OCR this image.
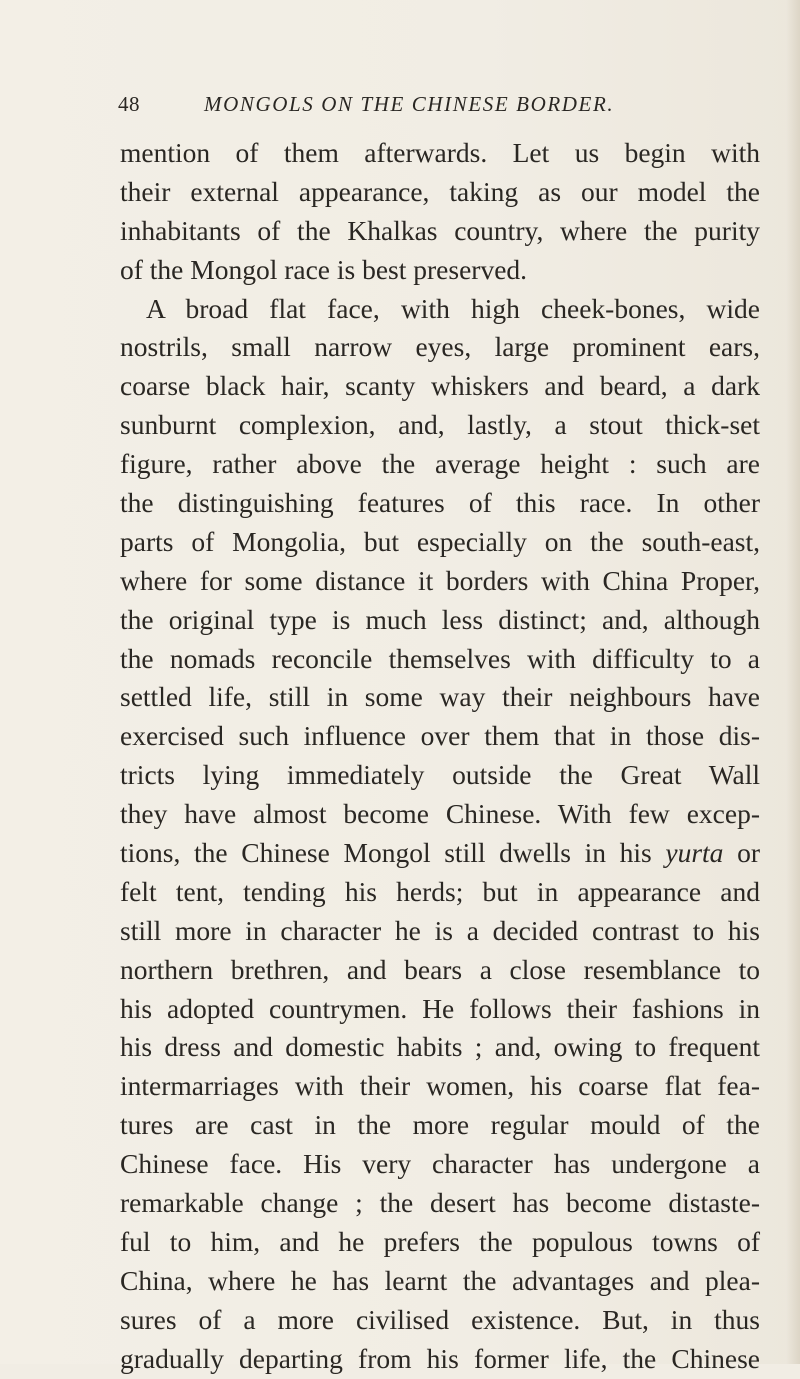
48	MONGOLS ON THE CHINESE BORDER.
mention of them afterwards. Let us begin with
their external appearance, taking as our model the
inhabitants of the Khalkas country, where the purity
of the Mongol race is best preserved.
A broad flat face, with high cheek-bones, wide
nostrils, small narrow eyes, large prominent ears,
coarse black hair, scanty whiskers and beard, a dark
sunburnt complexion, and, lastly, a stout thick-set
figure, rather above the average height : such are
the distinguishing features of this race. In other
parts of Mongolia, but especially on the south-east,
where for some distance it borders with China Proper,
the original type is much less distinct; and, although
the nomads reconcile themselves with difficulty to a
settled life, still in some way their neighbours have
exercised such influence over them that in those dis-
tricts lying immediately outside the Great Wall
they have almost become Chinese. With few excep-
tions, the Chinese Mongol still dwells in his yurta or
felt tent, tending his herds; but in appearance and
still more in character he is a decided contrast to his
northern brethren, and bears a close resemblance to
his adopted countrymen. He follows their fashions in
his dress and domestic habits ; and, owing to frequent
intermarriages with their women, his coarse flat fea-
tures are cast in the more regular mould of the
Chinese face. His very character has undergone a
remarkable change ; the desert has become distaste-
ful to him, and he prefers the populous towns of
China, where he has learnt the advantages and plea-
sures of a more civilised existence. But, in thus
gradually departing from his former life, the Chinese
